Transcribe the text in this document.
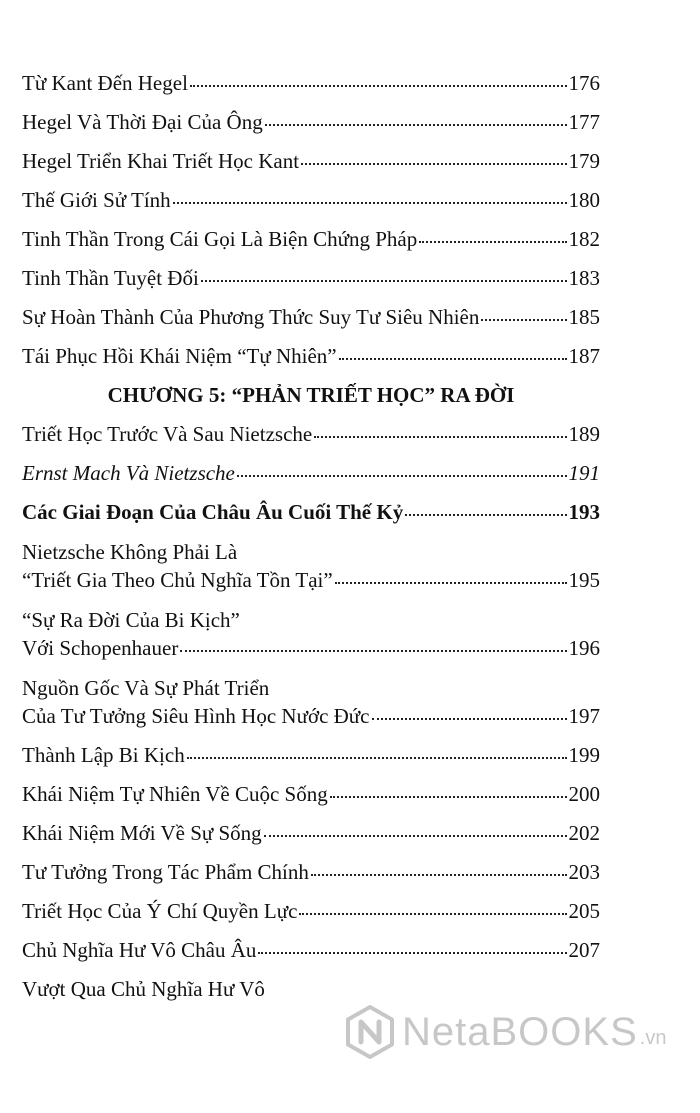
Từ Kant Đến Hegel	176
Hegel Và Thời Đại Của Ông	177
Hegel Triển Khai Triết Học Kant	179
Thế Giới Sử Tính	180
Tinh Thần Trong Cái Gọi Là Biện Chứng Pháp	182
Tinh Thần Tuyệt Đối	183
Sự Hoàn Thành Của Phương Thức Suy Tư Siêu Nhiên	185
Tái Phục Hồi Khái Niệm “Tự Nhiên”	187
CHƯƠNG 5: “PHẢN TRIẾT HỌC” RA ĐỜI
Triết Học Trước Và Sau Nietzsche	189
Ernst Mach Và Nietzsche	191
Các Giai Đoạn Của Châu Âu Cuối Thế Kỷ	193
Nietzsche Không Phải Là
“Triết Gia Theo Chủ Nghĩa Tồn Tại”	195
“Sự Ra Đời Của Bi Kịch”
Với Schopenhauer	196
Nguồn Gốc Và Sự Phát Triển
Của Tư Tưởng Siêu Hình Học Nước Đức	197
Thành Lập Bi Kịch	199
Khái Niệm Tự Nhiên Về Cuộc Sống	200
Khái Niệm Mới Về Sự Sống	202
Tư Tưởng Trong Tác Phẩm Chính	203
Triết Học Của Ý Chí Quyền Lực	205
Chủ Nghĩa Hư Vô Châu Âu	207
Vượt Qua Chủ Nghĩa Hư Vô
NetaBOOKS .vn
